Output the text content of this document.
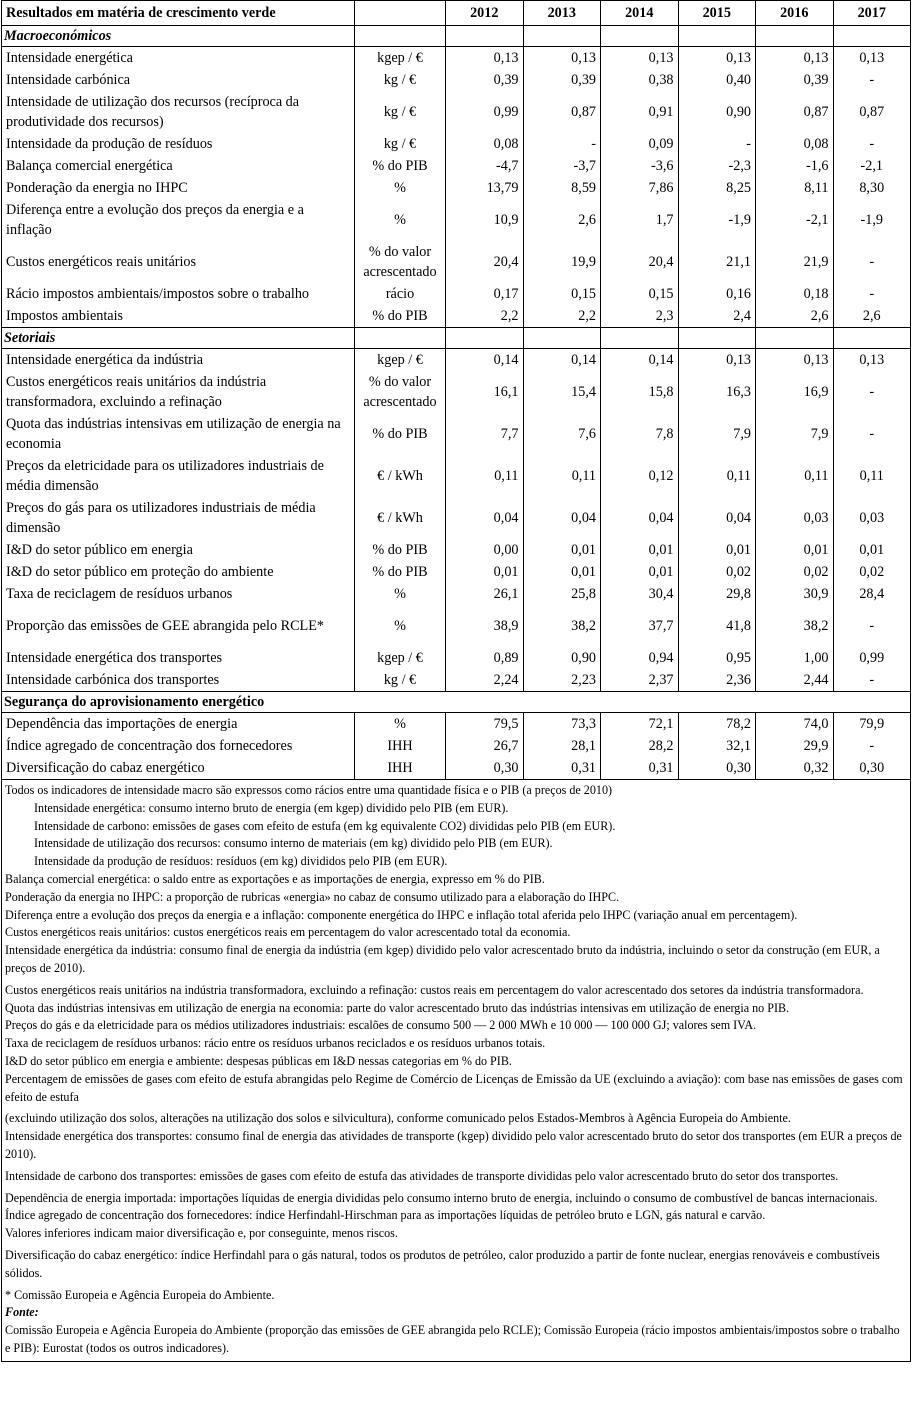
Resultados em matéria de crescimento verde		2012	2013	2014	2015	2016	2017
Macroeconómicos							
Intensidade energética	kgep / €	0,13	0,13	0,13	0,13	0,13	0,13
Intensidade carbónica	kg / €	0,39	0,39	0,38	0,40	0,39	-
Intensidade de utilização dos recursos (recíproca da produtividade dos recursos)	kg / €	0,99	0,87	0,91	0,90	0,87	0,87
Intensidade da produção de resíduos	kg / €	0,08	-	0,09	-	0,08	-
Balança comercial energética	% do PIB	-4,7	-3,7	-3,6	-2,3	-1,6	-2,1
Ponderação da energia no IHPC	%	13,79	8,59	7,86	8,25	8,11	8,30
Diferença entre a evolução dos preços da energia e a inflação	%	10,9	2,6	1,7	-1,9	-2,1	-1,9
Custos energéticos reais unitários	% do valor acrescentado	20,4	19,9	20,4	21,1	21,9	-
Rácio impostos ambientais/impostos sobre o trabalho	rácio	0,17	0,15	0,15	0,16	0,18	-
Impostos ambientais	% do PIB	2,2	2,2	2,3	2,4	2,6	2,6
Setoriais							
Intensidade energética da indústria	kgep / €	0,14	0,14	0,14	0,13	0,13	0,13
Custos energéticos reais unitários da indústria transformadora, excluindo a refinação	% do valor acrescentado	16,1	15,4	15,8	16,3	16,9	-
Quota das indústrias intensivas em utilização de energia na economia	% do PIB	7,7	7,6	7,8	7,9	7,9	-
Preços da eletricidade para os utilizadores industriais de média dimensão	€ / kWh	0,11	0,11	0,12	0,11	0,11	0,11
Preços do gás para os utilizadores industriais de média dimensão	€ / kWh	0,04	0,04	0,04	0,04	0,03	0,03
I&D do setor público em energia	% do PIB	0,00	0,01	0,01	0,01	0,01	0,01
I&D do setor público em proteção do ambiente	% do PIB	0,01	0,01	0,01	0,02	0,02	0,02
Taxa de reciclagem de resíduos urbanos	%	26,1	25,8	30,4	29,8	30,9	28,4
Proporção das emissões de GEE abrangida pelo RCLE*	%	38,9	38,2	37,7	41,8	38,2	-
Intensidade energética dos transportes	kgep / €	0,89	0,90	0,94	0,95	1,00	0,99
Intensidade carbónica dos transportes	kg / €	2,24	2,23	2,37	2,36	2,44	-
Segurança do aprovisionamento energético							
Dependência das importações de energia	%	79,5	73,3	72,1	78,2	74,0	79,9
Índice agregado de concentração dos fornecedores	IHH	26,7	28,1	28,2	32,1	29,9	-
Diversificação do cabaz energético	IHH	0,30	0,31	0,31	0,30	0,32	0,30

Todos os indicadores de intensidade macro são expressos como rácios entre uma quantidade física e o PIB (a preços de 2010)

Intensidade energética: consumo interno bruto de energia (em kgep) dividido pelo PIB (em EUR).

Intensidade de carbono: emissões de gases com efeito de estufa (em kg equivalente CO2) divididas pelo PIB (em EUR).

Intensidade de utilização dos recursos: consumo interno de materiais (em kg) dividido pelo PIB (em EUR).

Intensidade da produção de resíduos: resíduos (em kg) divididos pelo PIB (em EUR).

Balança comercial energética: o saldo entre as exportações e as importações de energia, expresso em % do PIB.

Ponderação da energia no IHPC: a proporção de rubricas «energia» no cabaz de consumo utilizado para a elaboração do IHPC.

Diferença entre a evolução dos preços da energia e a inflação: componente energética do IHPC e inflação total aferida pelo IHPC (variação anual em percentagem).

Custos energéticos reais unitários: custos energéticos reais em percentagem do valor acrescentado total da economia.

Intensidade energética da indústria: consumo final de energia da indústria (em kgep) dividido pelo valor acrescentado bruto da indústria, incluindo o setor da construção (em EUR, a preços de 2010).

Custos energéticos reais unitários na indústria transformadora, excluindo a refinação: custos reais em percentagem do valor acrescentado dos setores da indústria transformadora.

Quota das indústrias intensivas em utilização de energia na economia: parte do valor acrescentado bruto das indústrias intensivas em utilização de energia no PIB.

Preços do gás e da eletricidade para os médios utilizadores industriais: escalões de consumo 500 — 2 000 MWh e 10 000 — 100 000 GJ; valores sem IVA.

Taxa de reciclagem de resíduos urbanos: rácio entre os resíduos urbanos reciclados e os resíduos urbanos totais.

I&D do setor público em energia e ambiente: despesas públicas em I&D nessas categorias em % do PIB.

Percentagem de emissões de gases com efeito de estufa abrangidas pelo Regime de Comércio de Licenças de Emissão da UE (excluindo a aviação): com base nas emissões de gases com efeito de estufa

(excluindo utilização dos solos, alterações na utilização dos solos e silvicultura), conforme comunicado pelos Estados-Membros à Agência Europeia do Ambiente.

Intensidade energética dos transportes: consumo final de energia das atividades de transporte (kgep) dividido pelo valor acrescentado bruto do setor dos transportes (em EUR a preços de 2010).

Intensidade de carbono dos transportes: emissões de gases com efeito de estufa das atividades de transporte divididas pelo valor acrescentado bruto do setor dos transportes.

Dependência de energia importada: importações líquidas de energia divididas pelo consumo interno bruto de energia, incluindo o consumo de combustível de bancas internacionais.

Índice agregado de concentração dos fornecedores: índice Herfindahl-Hirschman para as importações líquidas de petróleo bruto e LGN, gás natural e carvão.

Valores inferiores indicam maior diversificação e, por conseguinte, menos riscos.

Diversificação do cabaz energético: índice Herfindahl para o gás natural, todos os produtos de petróleo, calor produzido a partir de fonte nuclear, energias renováveis e combustíveis sólidos.

* Comissão Europeia e Agência Europeia do Ambiente.

Fonte:

Comissão Europeia e Agência Europeia do Ambiente (proporção das emissões de GEE abrangida pelo RCLE); Comissão Europeia (rácio impostos ambientais/impostos sobre o trabalho e PIB): Eurostat (todos os outros indicadores).
